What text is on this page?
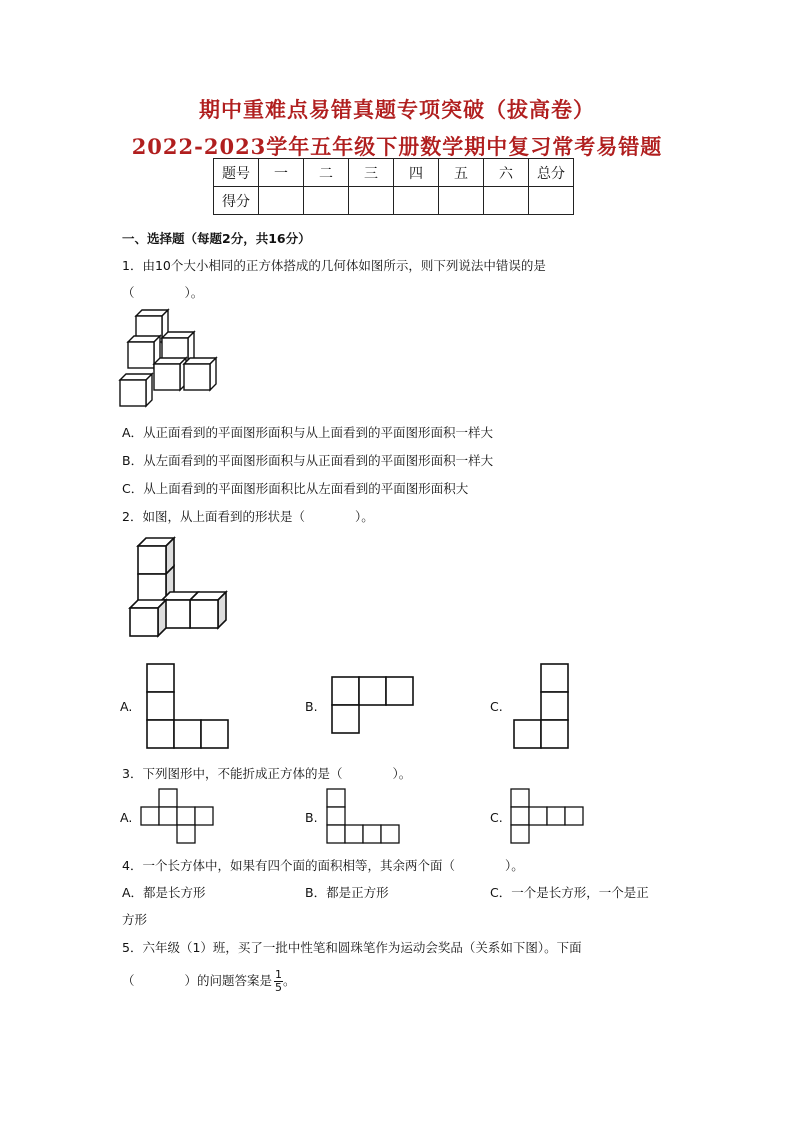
期中重难点易错真题专项突破（拔高卷）
2022-2023学年五年级下册数学期中复习常考易错题
题号	一	二	三	四	五	六	总分
得分							
一、选择题（每题2分，共16分）
1．由10个大小相同的正方体搭成的几何体如图所示，则下列说法中错误的是
（　　　　）。
A．从正面看到的平面图形面积与从上面看到的平面图形面积一样大
B．从左面看到的平面图形面积与从正面看到的平面图形面积一样大
C．从上面看到的平面图形面积比从左面看到的平面图形面积大
2．如图，从上面看到的形状是（　　　　）。
A.	B.	C.
3．下列图形中，不能折成正方体的是（　　　　）。
A.	B.	C.
4．一个长方体中，如果有四个面的面积相等，其余两个面（　　　　）。
A．都是长方形	B．都是正方形	C．一个是长方形，一个是正
方形
5．六年级（1）班，买了一批中性笔和圆珠笔作为运动会奖品（关系如下图）。下面
（　　　　）的问题答案是 $\frac{1}{5}$ 。
